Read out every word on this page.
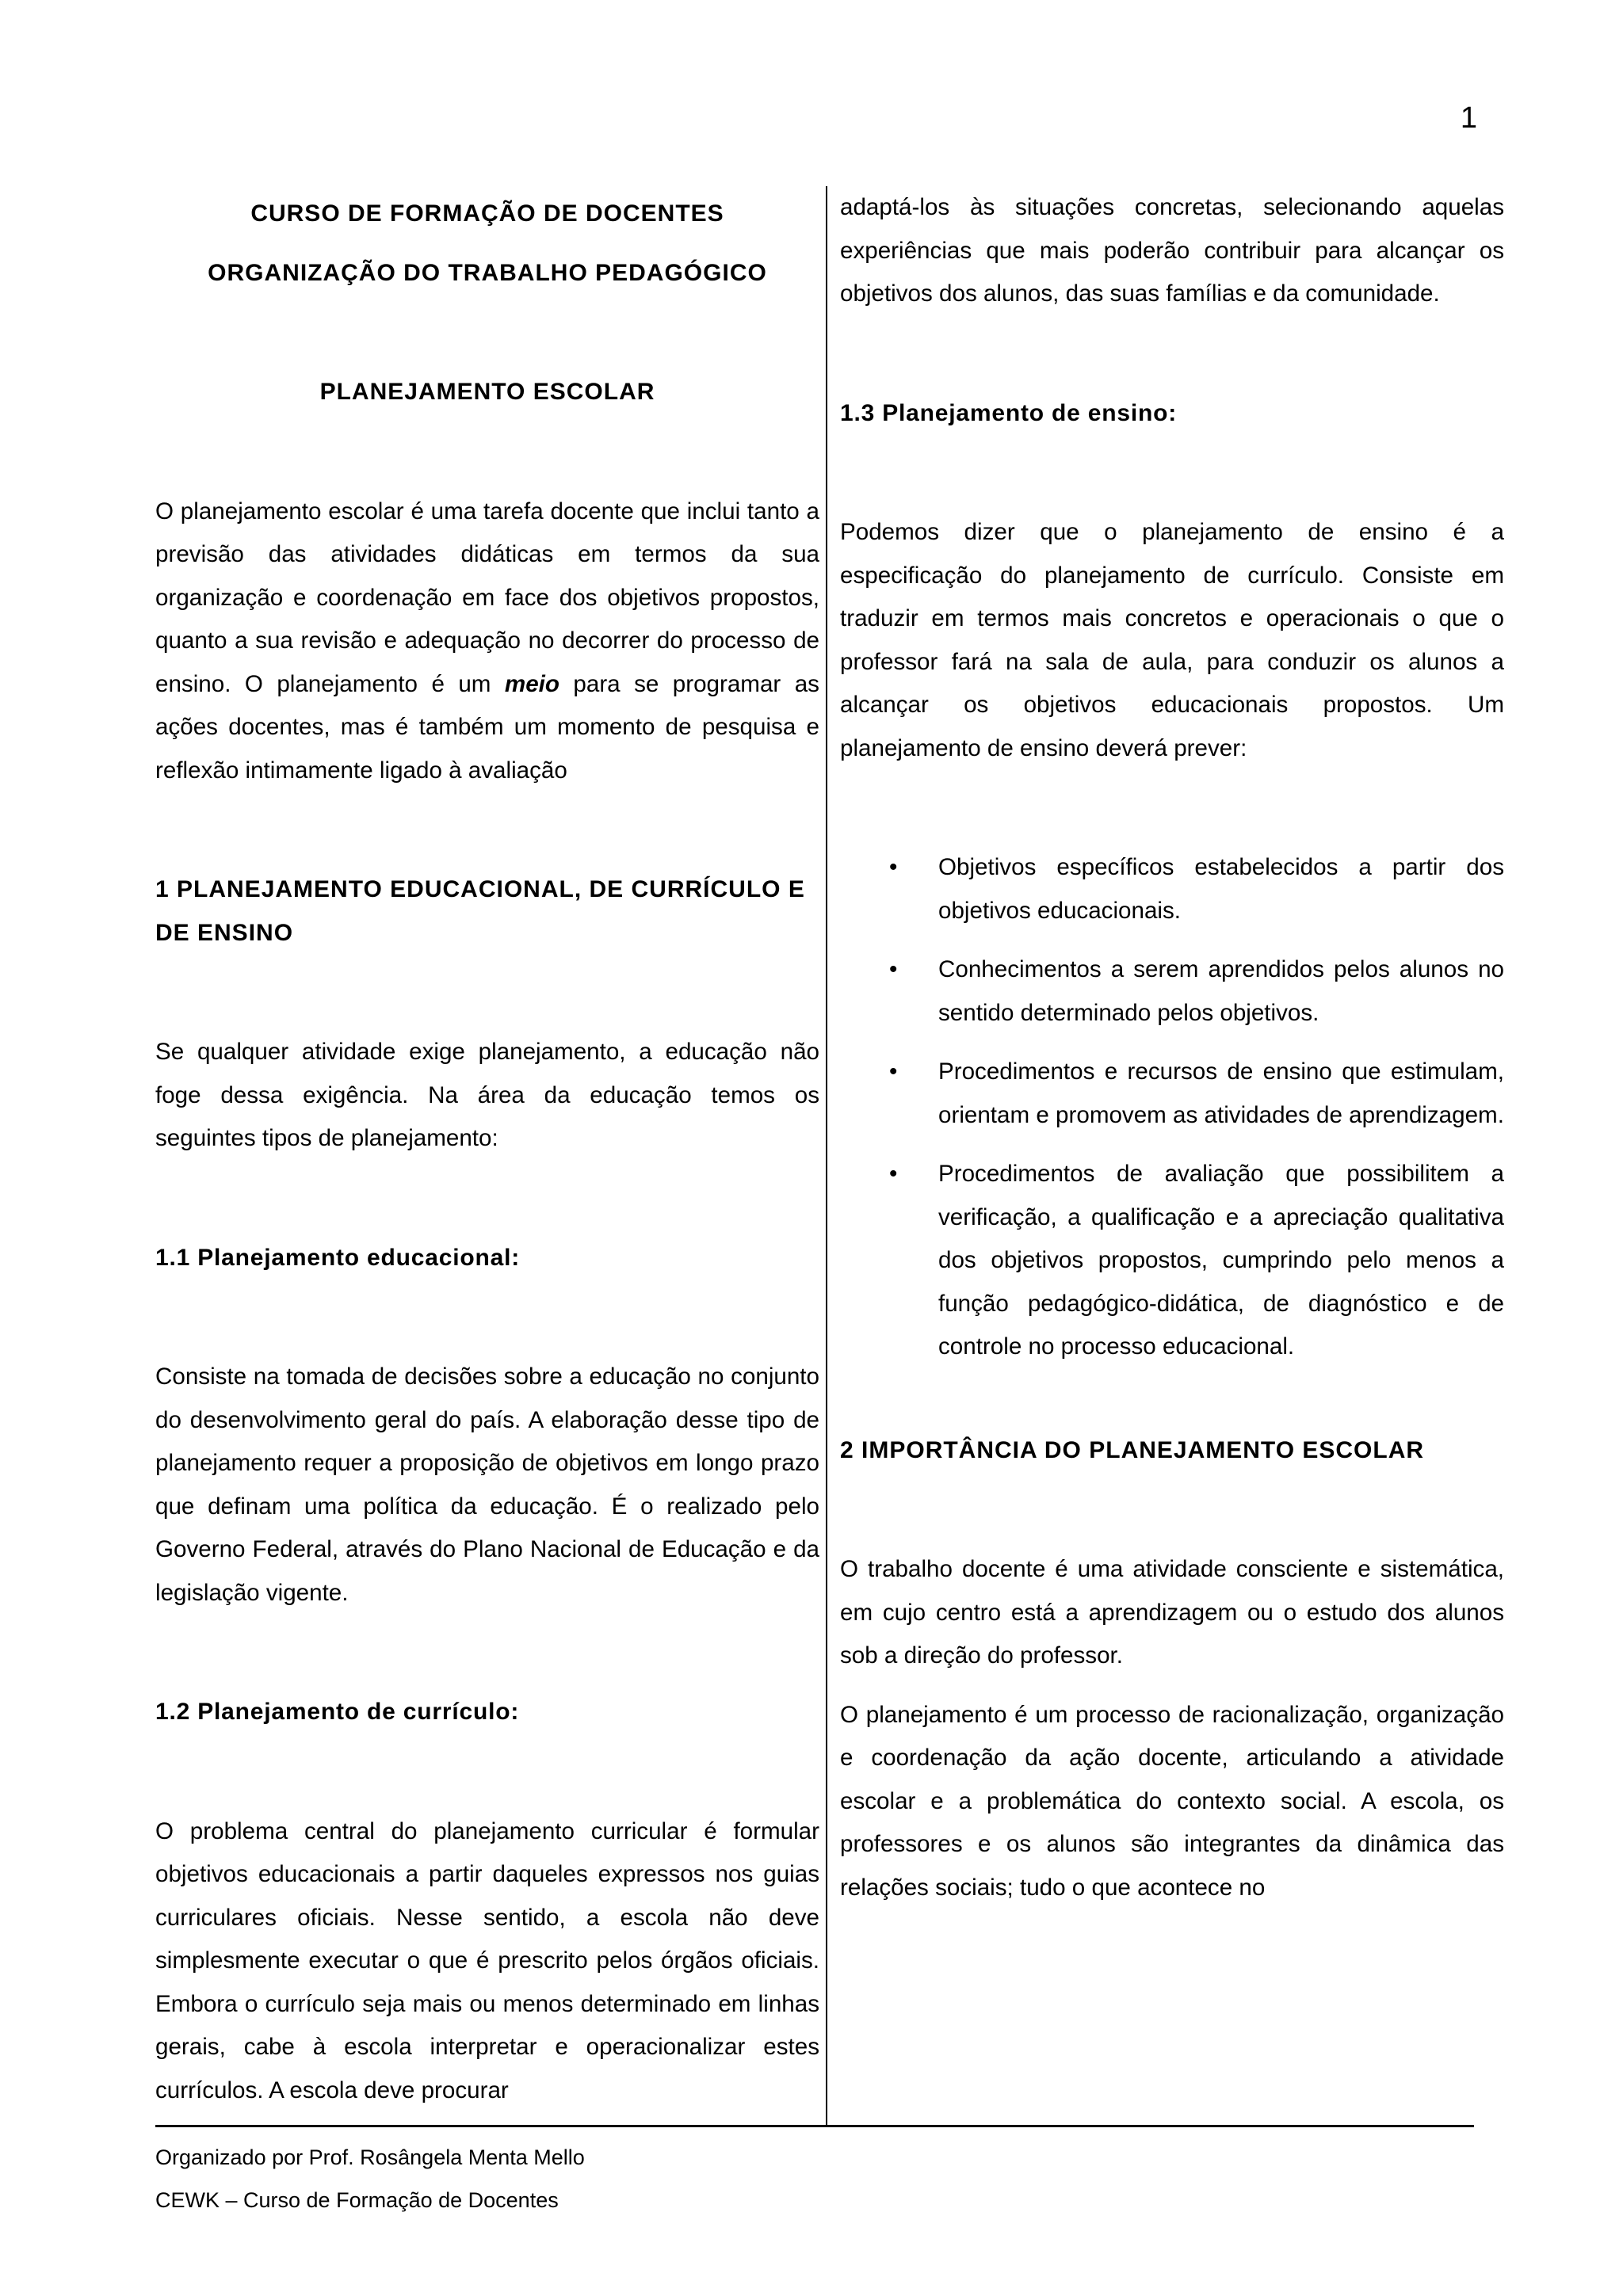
1

CURSO DE FORMAÇÃO DE DOCENTES

ORGANIZAÇÃO DO TRABALHO PEDAGÓGICO

PLANEJAMENTO ESCOLAR

O planejamento escolar é uma tarefa docente que inclui tanto a previsão das atividades didáticas em termos da sua organização e coordenação em face dos objetivos propostos, quanto a sua revisão e adequação no decorrer do processo de ensino. O planejamento é um meio para se programar as ações docentes, mas é também um momento de pesquisa e reflexão intimamente ligado à avaliação

1 PLANEJAMENTO EDUCACIONAL, DE CURRÍCULO E DE ENSINO

Se qualquer atividade exige planejamento, a educação não foge dessa exigência. Na área da educação temos os seguintes tipos de planejamento:

1.1 Planejamento educacional:

Consiste na tomada de decisões sobre a educação no conjunto do desenvolvimento geral do país. A elaboração desse tipo de planejamento requer a proposição de objetivos em longo prazo que definam uma política da educação. É o realizado pelo Governo Federal, através do Plano Nacional de Educação e da legislação vigente.

1.2 Planejamento de currículo:

O problema central do planejamento curricular é formular objetivos educacionais a partir daqueles expressos nos guias curriculares oficiais. Nesse sentido, a escola não deve simplesmente executar o que é prescrito pelos órgãos oficiais. Embora o currículo seja mais ou menos determinado em linhas gerais, cabe à escola interpretar e operacionalizar estes currículos. A escola deve procurar

adaptá-los às situações concretas, selecionando aquelas experiências que mais poderão contribuir para alcançar os objetivos dos alunos, das suas famílias e da comunidade.

1.3 Planejamento de ensino:

Podemos dizer que o planejamento de ensino é a especificação do planejamento de currículo. Consiste em traduzir em termos mais concretos e operacionais o que o professor fará na sala de aula, para conduzir os alunos a alcançar os objetivos educacionais propostos. Um planejamento de ensino deverá prever:

• Objetivos específicos estabelecidos a partir dos objetivos educacionais.
• Conhecimentos a serem aprendidos pelos alunos no sentido determinado pelos objetivos.
• Procedimentos e recursos de ensino que estimulam, orientam e promovem as atividades de aprendizagem.
• Procedimentos de avaliação que possibilitem a verificação, a qualificação e a apreciação qualitativa dos objetivos propostos, cumprindo pelo menos a função pedagógico-didática, de diagnóstico e de controle no processo educacional.

2 IMPORTÂNCIA DO PLANEJAMENTO ESCOLAR

O trabalho docente é uma atividade consciente e sistemática, em cujo centro está a aprendizagem ou o estudo dos alunos sob a direção do professor.

O planejamento é um processo de racionalização, organização e coordenação da ação docente, articulando a atividade escolar e a problemática do contexto social. A escola, os professores e os alunos são integrantes da dinâmica das relações sociais; tudo o que acontece no

Organizado por Prof. Rosângela Menta Mello
CEWK – Curso de Formação de Docentes
